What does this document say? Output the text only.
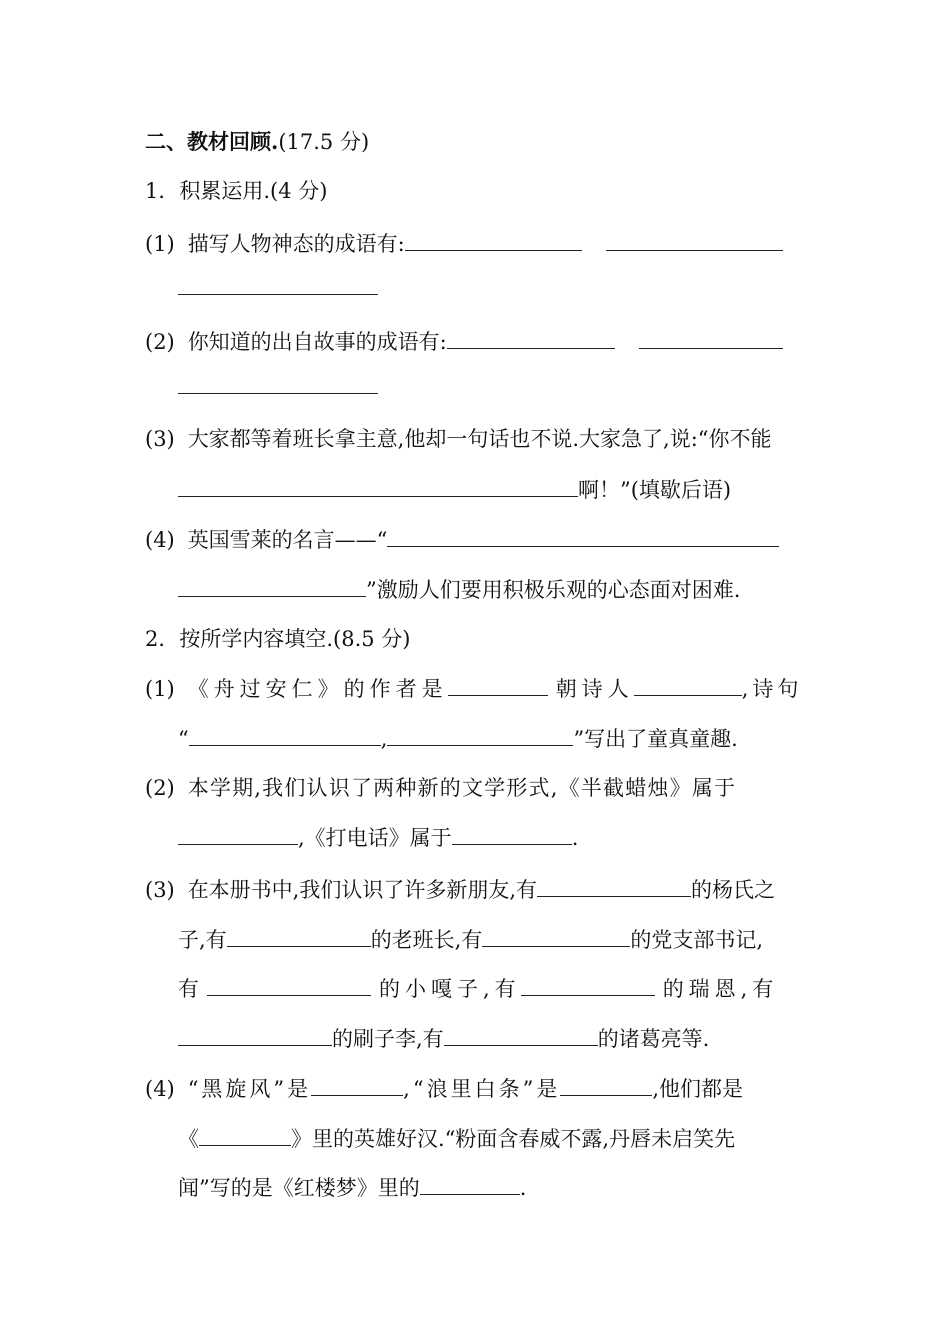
二、教材回顾.(17.5 分)
1．积累运用.(4 分)
(1) 描写人物神态的成语有:
(2) 你知道的出自故事的成语有:
(3) 大家都等着班长拿主意,他却一句话也不说.大家急了,说:“你不能
啊！”(填歇后语)
(4) 英国雪莱的名言——“
”激励人们要用积极乐观的心态面对困难.
2．按所学内容填空.(8.5 分)
(1) 《舟过安仁》的作者是	朝诗人	,诗句
“	,	”写出了童真童趣.
(2) 本学期,我们认识了两种新的文学形式,《半截蜡烛》属于
,《打电话》属于	.
(3) 在本册书中,我们认识了许多新朋友,有	的杨氏之
子,有	的老班长,有	的党支部书记,
有	的小嘎子,有	的瑞恩,有
的刷子李,有	的诸葛亮等.
(4) “黑旋风”是	,“浪里白条”是	,他们都是
《	》里的英雄好汉.“粉面含春威不露,丹唇未启笑先
闻”写的是《红楼梦》里的	.
